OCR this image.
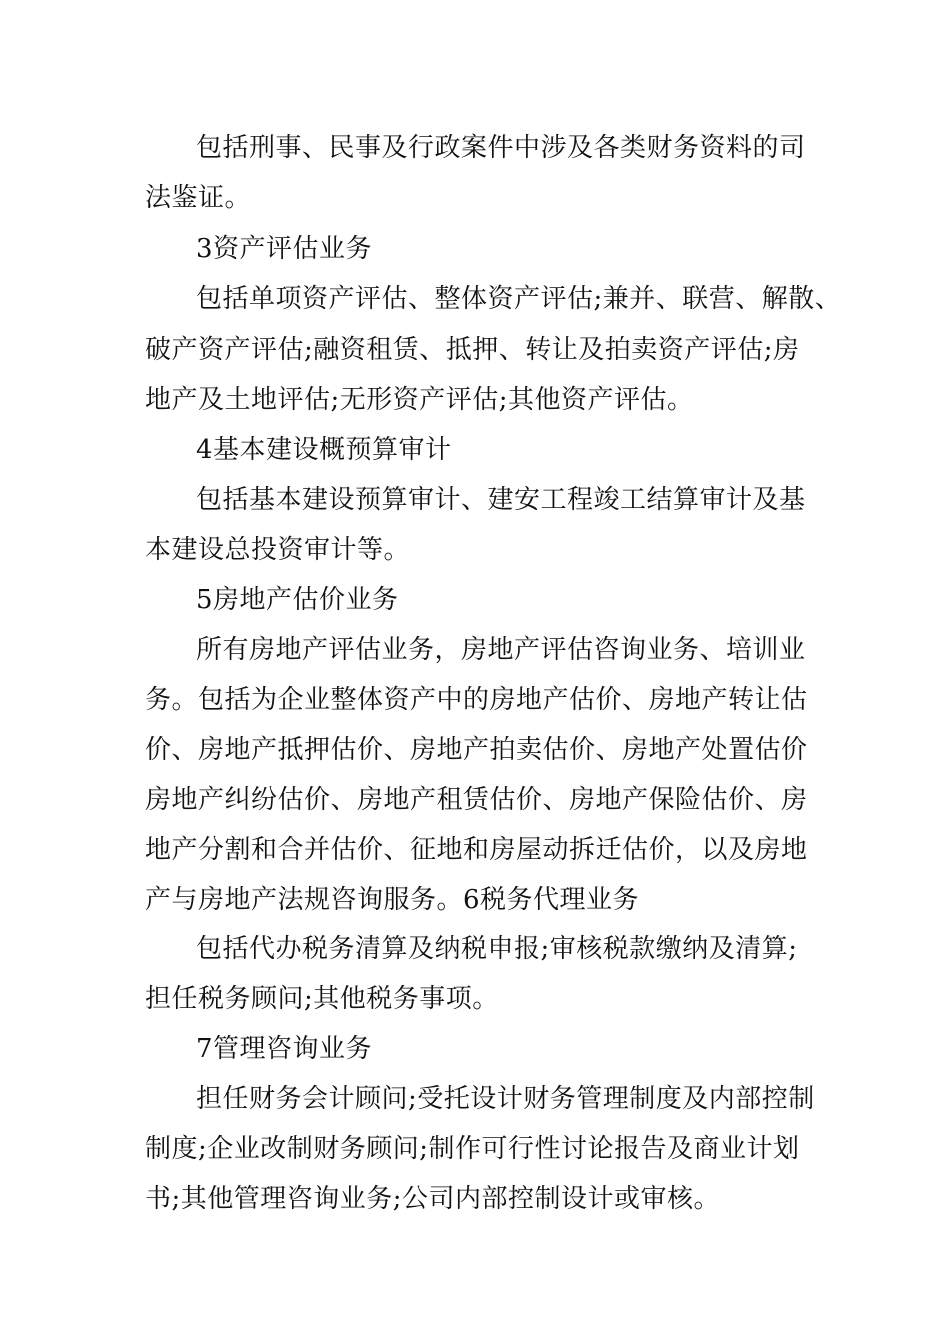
包括刑事、民事及行政案件中涉及各类财务资料的司
法鉴证。
3资产评估业务
包括单项资产评估、整体资产评估;兼并、联营、解散、
破产资产评估;融资租赁、抵押、转让及拍卖资产评估;房
地产及土地评估;无形资产评估;其他资产评估。
4基本建设概预算审计
包括基本建设预算审计、建安工程竣工结算审计及基
本建设总投资审计等。
5房地产估价业务
所有房地产评估业务，房地产评估咨询业务、培训业
务。包括为企业整体资产中的房地产估价、房地产转让估
价、房地产抵押估价、房地产拍卖估价、房地产处置估价
房地产纠纷估价、房地产租赁估价、房地产保险估价、房
地产分割和合并估价、征地和房屋动拆迁估价，以及房地
产与房地产法规咨询服务。6税务代理业务
包括代办税务清算及纳税申报;审核税款缴纳及清算;
担任税务顾问;其他税务事项。
7管理咨询业务
担任财务会计顾问;受托设计财务管理制度及内部控制
制度;企业改制财务顾问;制作可行性讨论报告及商业计划
书;其他管理咨询业务;公司内部控制设计或审核。
